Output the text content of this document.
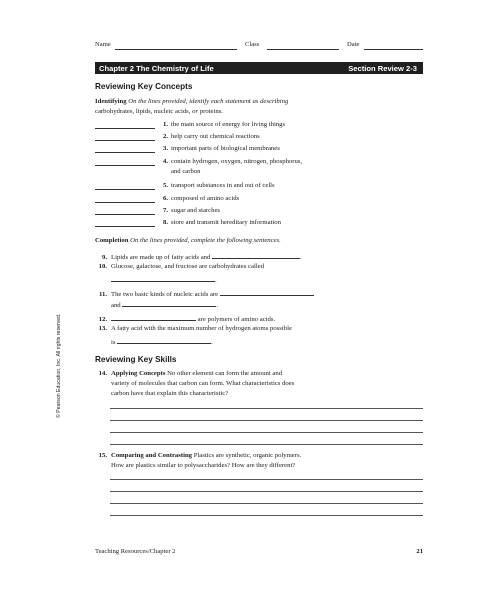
Name	Class	Date
Chapter 2 The Chemistry of Life	Section Review 2-3
Reviewing Key Concepts
Identifying On the lines provided, identify each statement as describing
carbohydrates, lipids, nucleic acids, or proteins.
1. the main source of energy for living things
2. help carry out chemical reactions
3. important parts of biological membranes
4. contain hydrogen, oxygen, nitrogen, phosphorus,
and carbon
5. transport substances in and out of cells
6. composed of amino acids
7. sugar and starches
8. store and transmit hereditary information
Completion On the lines provided, complete the following sentences.
9. Lipids are made up of fatty acids and	.
10. Glucose, galactose, and fructose are carbohydrates called
.
11. The two basic kinds of nucleic acids are
and	.
12.	are polymers of amino acids.
13. A fatty acid with the maximum number of hydrogen atoms possible
is	.
Reviewing Key Skills
14. Applying Concepts No other element can form the amount and
variety of molecules that carbon can form. What characteristics does
carbon have that explain this characteristic?
15. Comparing and Contrasting Plastics are synthetic, organic polymers.
How are plastics similar to polysaccharides? How are they different?
© Pearson Education, Inc. All rights reserved.
Teaching Resources/Chapter 2	21
